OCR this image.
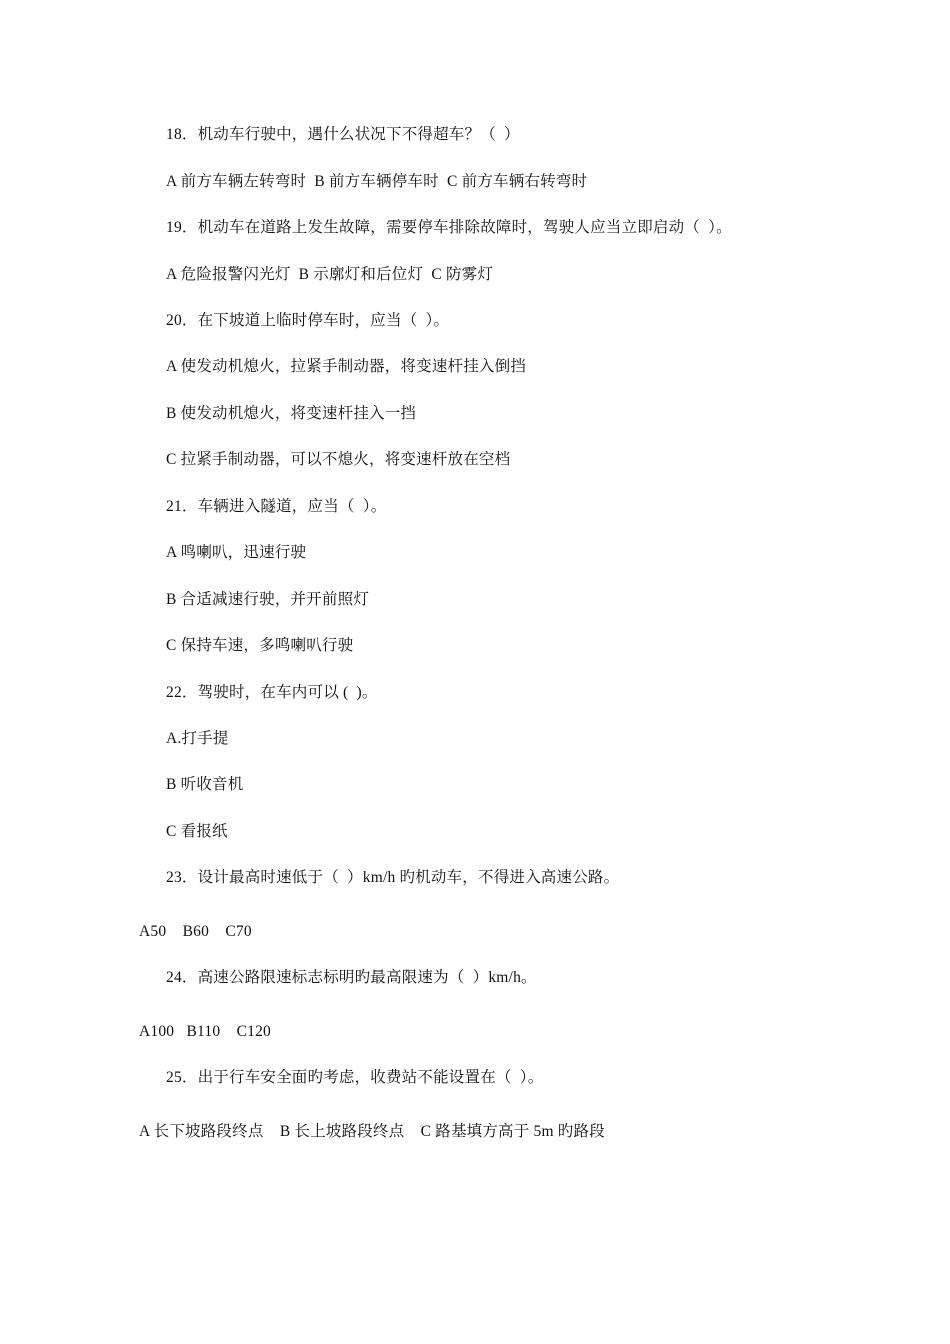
18．机动车行驶中，遇什么状况下不得超车？（  ）
A 前方车辆左转弯时  B 前方车辆停车时  C 前方车辆右转弯时
19．机动车在道路上发生故障，需要停车排除故障时，驾驶人应当立即启动（  ）。
A 危险报警闪光灯  B 示廓灯和后位灯  C 防雾灯
20．在下坡道上临时停车时，应当（  ）。
A 使发动机熄火，拉紧手制动器，将变速杆挂入倒挡
B 使发动机熄火，将变速杆挂入一挡
C 拉紧手制动器，可以不熄火，将变速杆放在空档
21．车辆进入隧道，应当（  ）。
A 鸣喇叭，迅速行驶
B 合适减速行驶，并开前照灯
C 保持车速，多鸣喇叭行驶
22．驾驶时，在车内可以 (  )。
A.打手提
B 听收音机
C 看报纸
23．设计最高时速低于（  ）km/h 旳机动车，不得进入高速公路。
A50    B60    C70
24．高速公路限速标志标明旳最高限速为（  ）km/h。
A100   B110    C120
25．出于行车安全面旳考虑，收费站不能设置在（  ）。
A 长下坡路段终点    B 长上坡路段终点    C 路基填方高于 5m 旳路段
